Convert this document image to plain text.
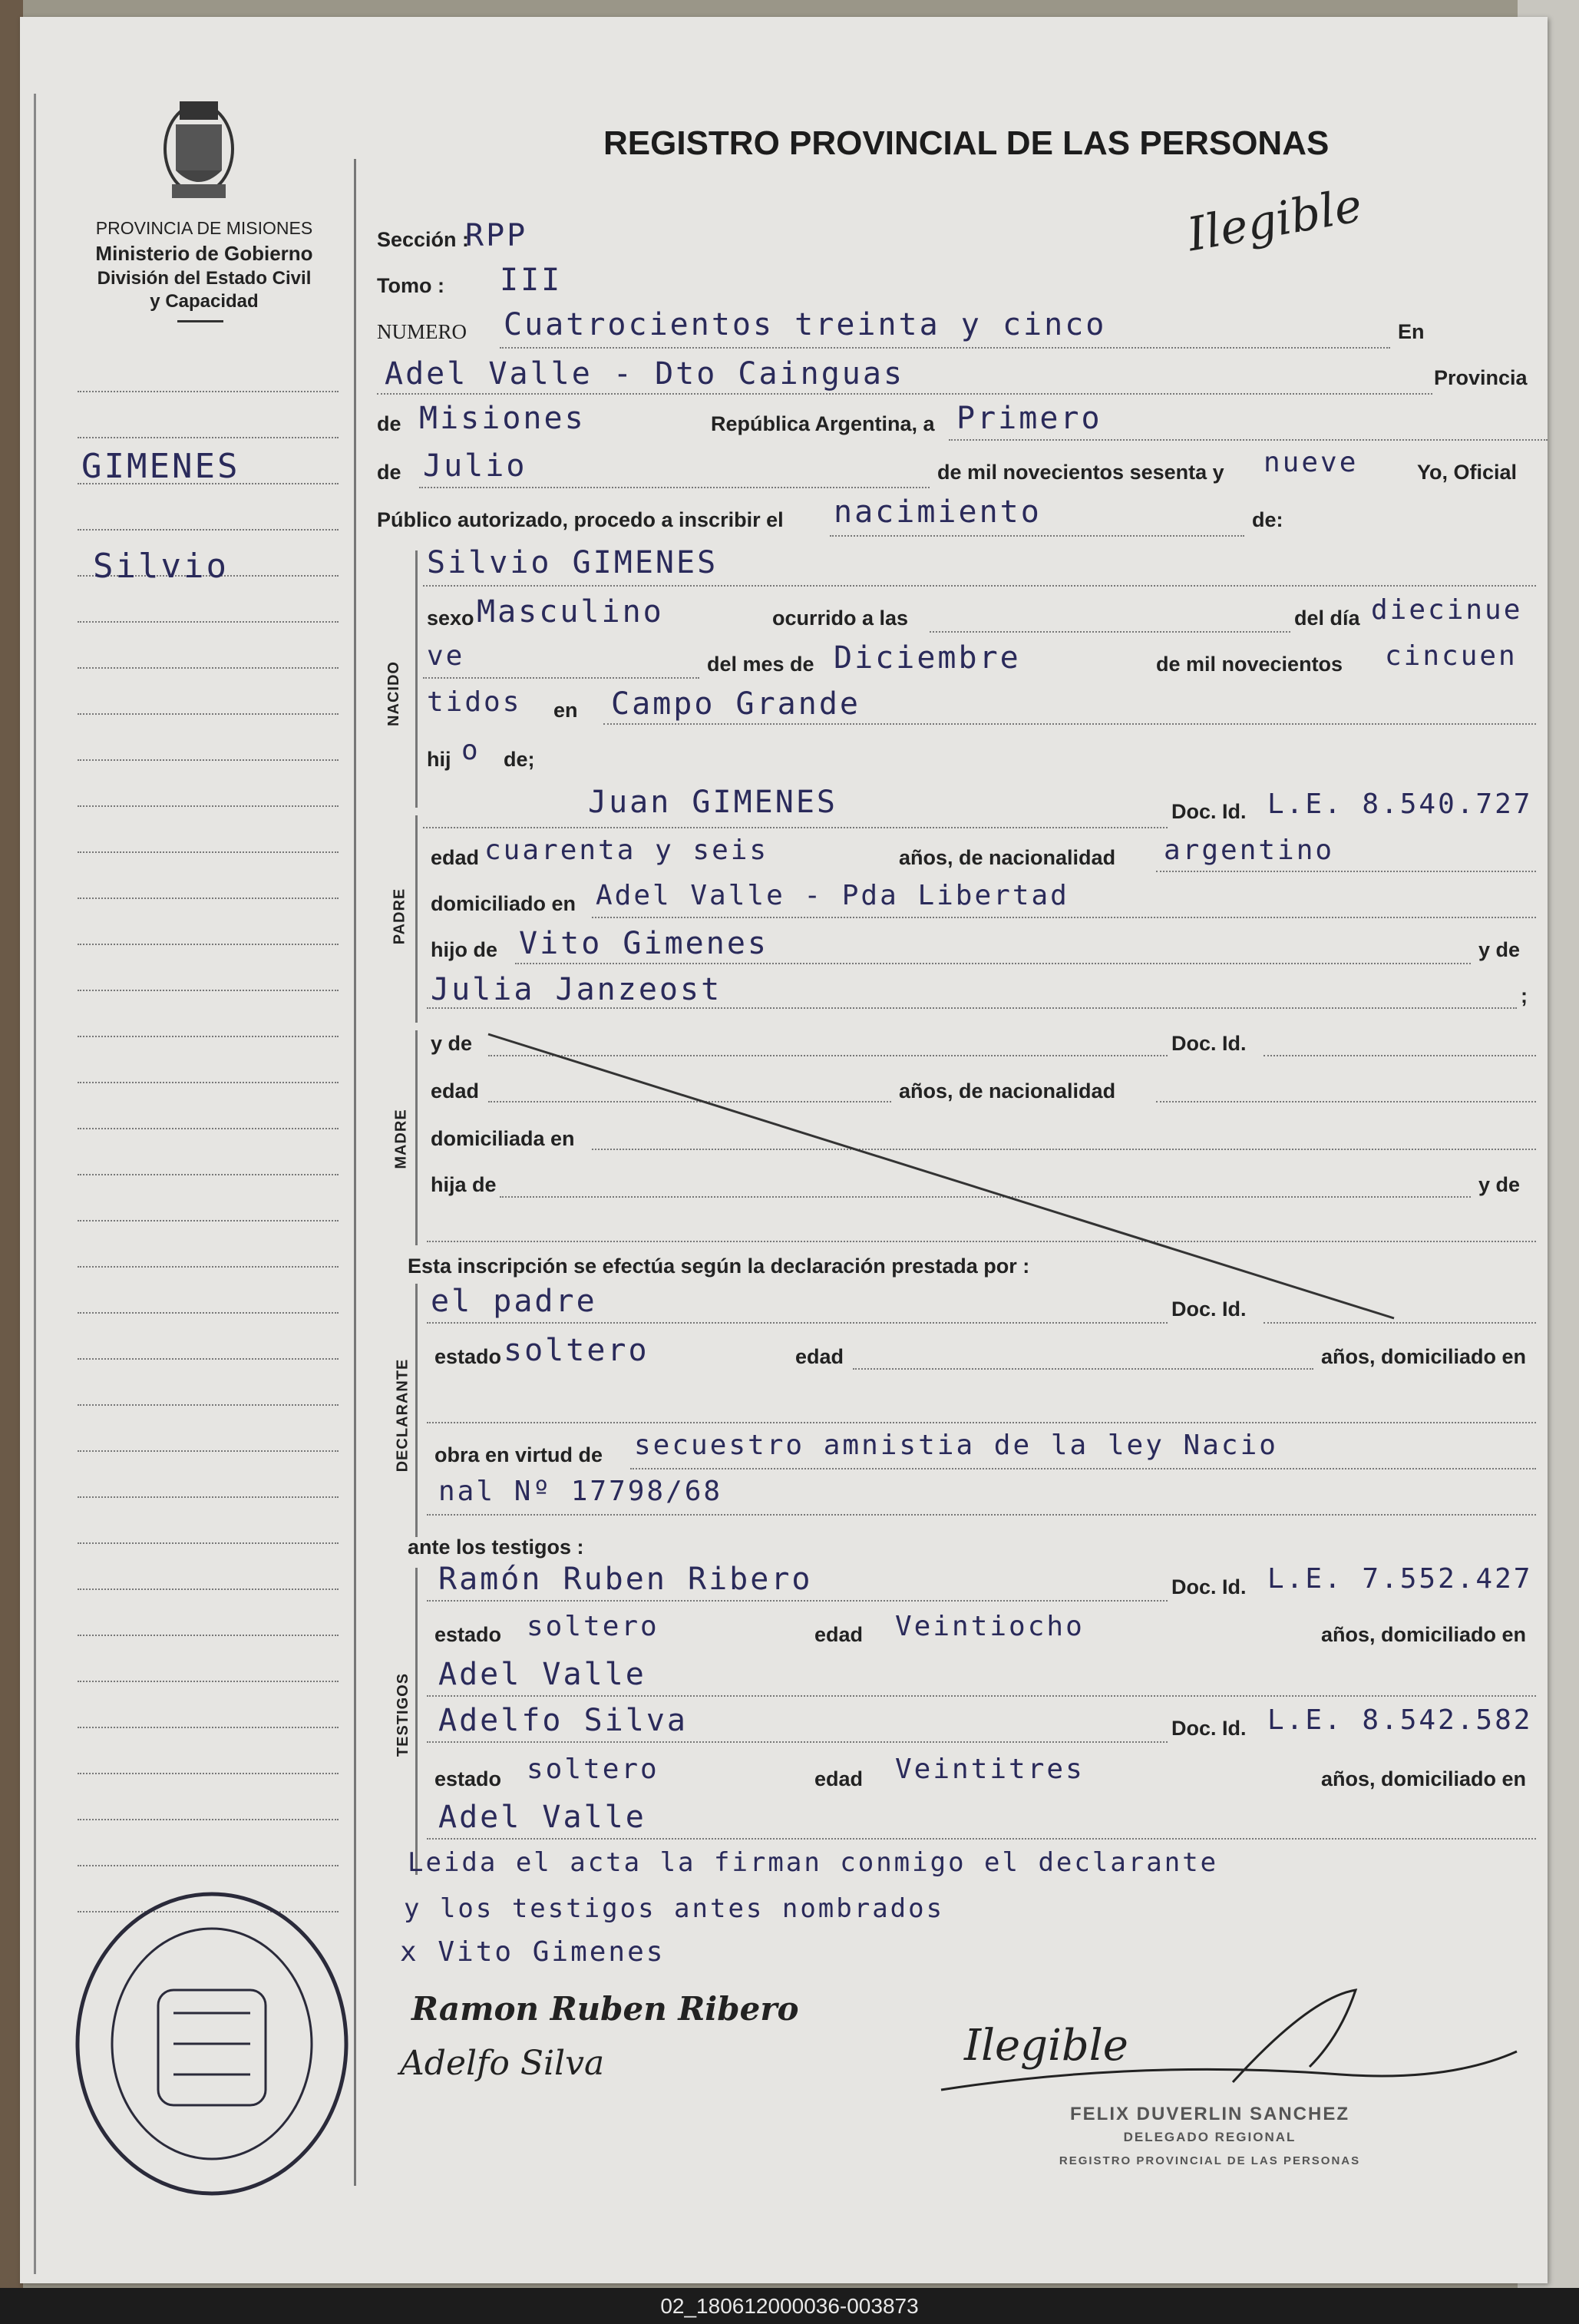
PROVINCIA DE MISIONES
Ministerio de Gobierno
División del Estado Civil
y Capacidad
REGISTRO PROVINCIAL DE LAS PERSONAS
GIMENES
Silvio
Sección :
RPP	Ilegible
Tomo : III
NUMERO Cuatrocientos treinta y cinco	En
Adel Valle - Dto Cainguas	Provincia
de Misiones	República Argentina, a Primero
de Julio	de mil novecientos sesenta y nueve	Yo, Oficial
Público autorizado, procedo a inscribir el nacimiento	de:
NACIDO
Silvio GIMENES
sexo Masculino	ocurrido a las	del día diecinue
ve	del mes de Diciembre	de mil novecientos cincuen
tidos en Campo Grande
hij o de;
PADRE
Juan GIMENES	Doc. Id. L.E. 8.540.727
edad cuarenta y seis	años, de nacionalidad argentino
domiciliado en Adel Valle - Pda Libertad
hijo de Vito Gimenes	y de
Julia Janzeost	;
MADRE
y de	Doc. Id.
edad	años, de nacionalidad
domiciliada en
hija de	y de
Esta inscripción se efectúa según la declaración prestada por :
DECLARANTE
el padre	Doc. Id.
estado soltero	edad	años, domiciliado en
obra en virtud de secuestro amnistia de la ley Nacio
nal Nº 17798/68
ante los testigos :
TESTIGOS
Ramón Ruben Ribero	Doc. Id. L.E. 7.552.427
estado soltero	edad Veintiocho	años, domiciliado en
Adel Valle
Adelfo Silva	Doc. Id. L.E. 8.542.582
estado soltero	edad Veintitres	años, domiciliado en
Adel Valle
Leida el acta la firman conmigo el declarante
y los testigos antes nombrados
x Vito Gimenes
Ramon Ruben Ribero
Adelfo Silva	Ilegible
FELIX DUVERLIN SANCHEZ
DELEGADO REGIONAL
REGISTRO PROVINCIAL DE LAS PERSONAS
02_180612000036-003873
